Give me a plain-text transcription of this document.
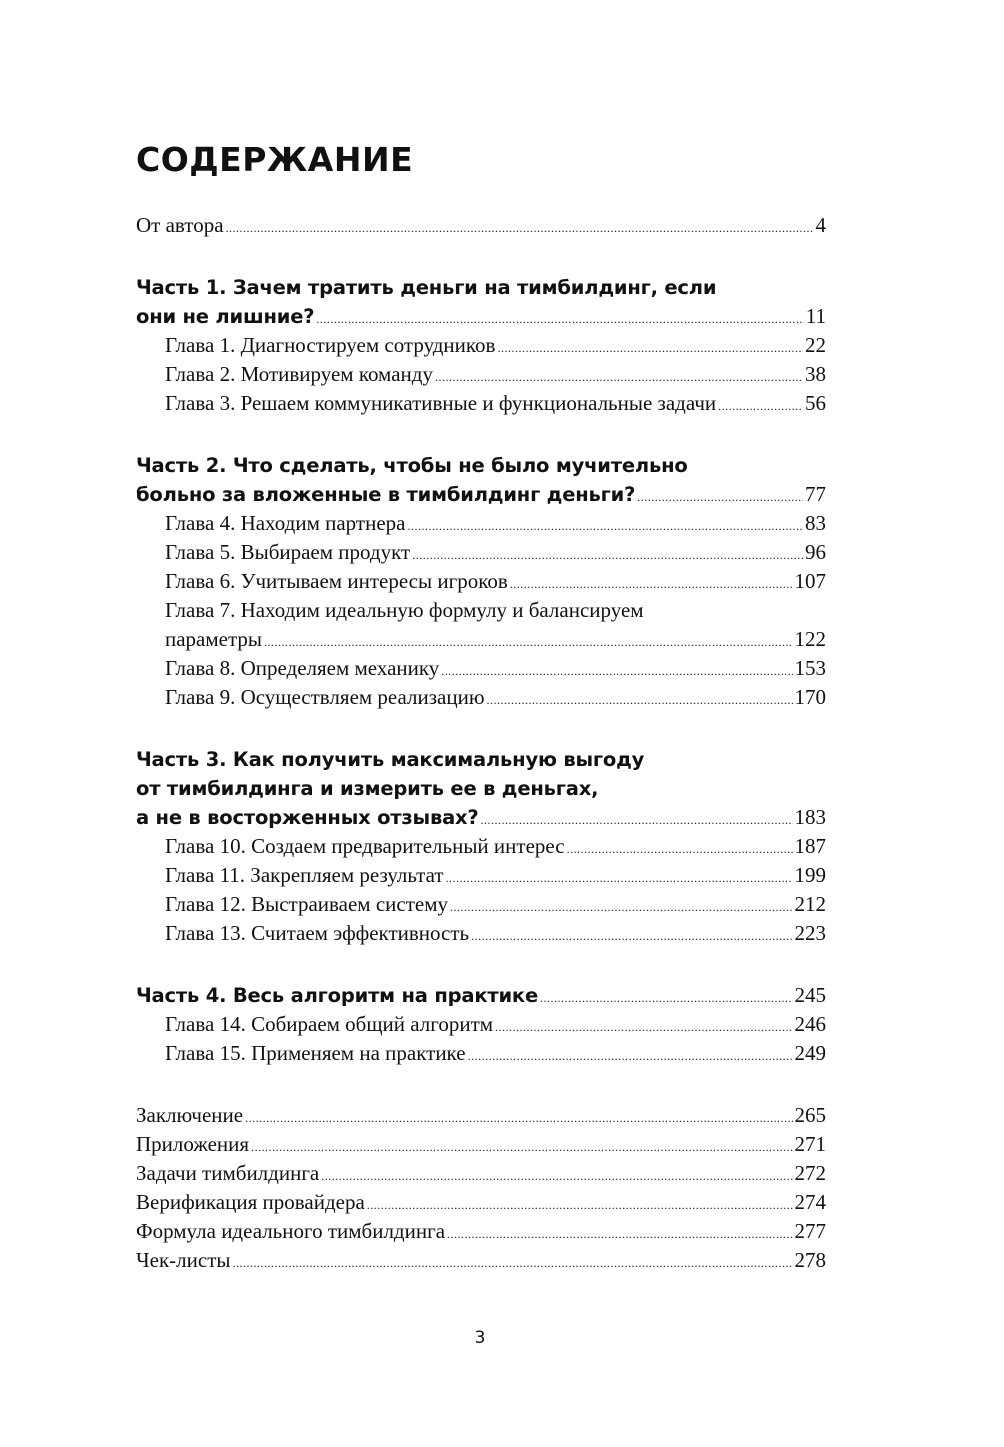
СОДЕРЖАНИЕ
От автора .....	4
Часть 1. Зачем тратить деньги на тимбилдинг, если
они не лишние? .....	11
Глава 1. Диагностируем сотрудников .....	22
Глава 2. Мотивируем команду .....	38
Глава 3. Решаем коммуникативные и функциональные задачи .....	56
Часть 2. Что сделать, чтобы не было мучительно
больно за вложенные в тимбилдинг деньги? .....	77
Глава 4. Находим партнера .....	83
Глава 5. Выбираем продукт .....	96
Глава 6. Учитываем интересы игроков .....	107
Глава 7. Находим идеальную формулу и балансируем
параметры .....	122
Глава 8. Определяем механику .....	153
Глава 9. Осуществляем реализацию .....	170
Часть 3. Как получить максимальную выгоду
от тимбилдинга и измерить ее в деньгах,
а не в восторженных отзывах? .....	183
Глава 10. Создаем предварительный интерес .....	187
Глава 11. Закрепляем результат .....	199
Глава 12. Выстраиваем систему .....	212
Глава 13. Считаем эффективность .....	223
Часть 4. Весь алгоритм на практике .....	245
Глава 14. Собираем общий алгоритм .....	246
Глава 15. Применяем на практике .....	249
Заключение .....	265
Приложения .....	271
Задачи тимбилдинга .....	272
Верификация провайдера .....	274
Формула идеального тимбилдинга .....	277
Чек-листы .....	278
3
